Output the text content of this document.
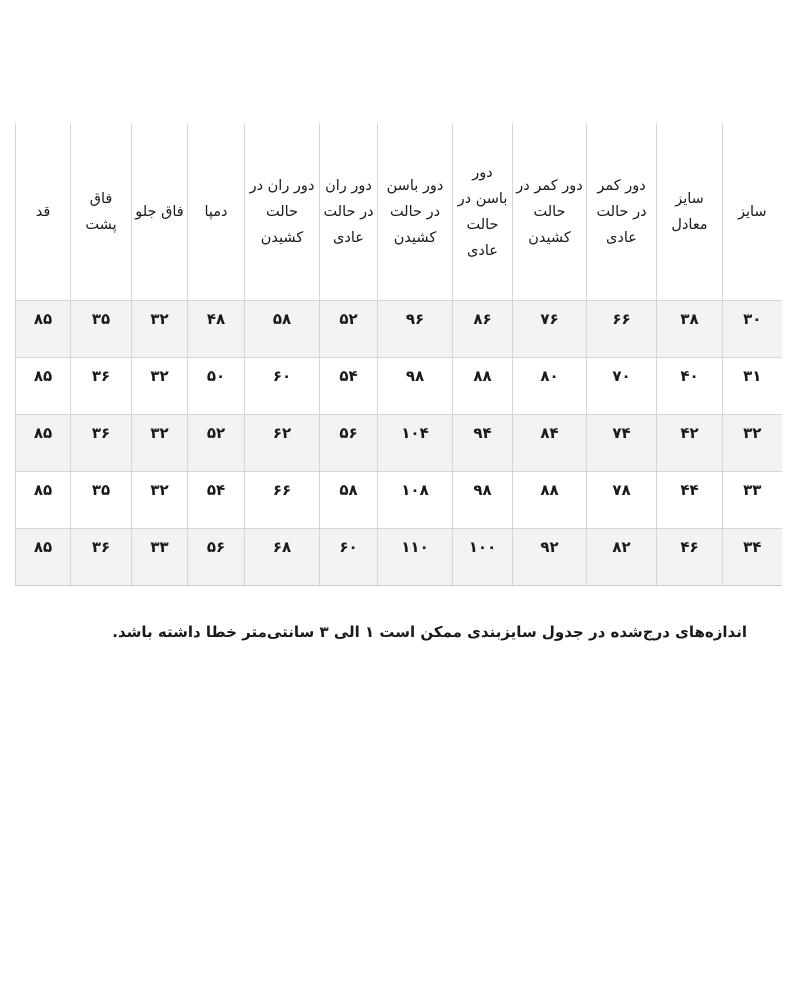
سایز	سایز معادل	دور کمر در حالت عادی	دور کمر در حالت کشیدن	دور باسن در حالت عادی	دور باسن در حالت کشیدن	دور ران در حالت عادی	دور ران در حالت کشیدن	دمپا	فاق جلو	فاق پشت	قد
۳۰	۳۸	۶۶	۷۶	۸۶	۹۶	۵۲	۵۸	۴۸	۳۲	۳۵	۸۵
۳۱	۴۰	۷۰	۸۰	۸۸	۹۸	۵۴	۶۰	۵۰	۳۲	۳۶	۸۵
۳۲	۴۲	۷۴	۸۴	۹۴	۱۰۴	۵۶	۶۲	۵۲	۳۲	۳۶	۸۵
۳۳	۴۴	۷۸	۸۸	۹۸	۱۰۸	۵۸	۶۶	۵۴	۳۲	۳۵	۸۵
۳۴	۴۶	۸۲	۹۲	۱۰۰	۱۱۰	۶۰	۶۸	۵۶	۳۳	۳۶	۸۵

اندازه‌های درج‌شده در جدول سایزبندی ممکن است ۱ الی ۳ سانتی‌متر خطا داشته باشد.
